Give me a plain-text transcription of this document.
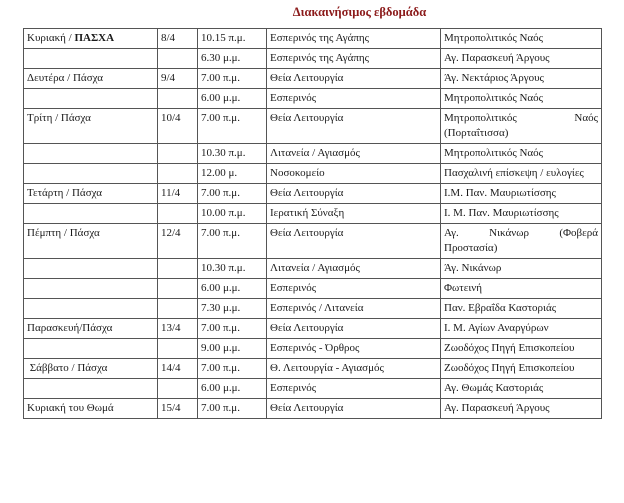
Διακαινήσιμος εβδομάδα
Κυριακή / ΠΑΣΧΑ	8/4	10.15 π.μ.	Εσπερινός της Αγάπης	Μητροπολιτικός Ναός
		6.30 μ.μ.	Εσπερινός της Αγάπης	Αγ. Παρασκευή Άργους
Δευτέρα / Πάσχα	9/4	7.00 π.μ.	Θεία Λειτουργία	Άγ. Νεκτάριος Άργους
		6.00 μ.μ.	Εσπερινός	Μητροπολιτικός Ναός
Τρίτη / Πάσχα	10/4	7.00 π.μ.	Θεία Λειτουργία	Μητροπολιτικός Ναός (Πορταΐτισσα)
		10.30 π.μ.	Λιτανεία / Αγιασμός	Μητροπολιτικός Ναός
		12.00 μ.	Νοσοκομείο	Πασχαλινή επίσκεψη / ευλογίες
Τετάρτη / Πάσχα	11/4	7.00 π.μ.	Θεία Λειτουργία	Ι.Μ. Παν. Μαυριωτίσσης
		10.00 π.μ.	Ιερατική Σύναξη	Ι. Μ. Παν. Μαυριωτίσσης
Πέμπτη / Πάσχα	12/4	7.00 π.μ.	Θεία Λειτουργία	Αγ. Νικάνωρ (Φοβερά Προστασία)
		10.30 π.μ.	Λιτανεία / Αγιασμός	Άγ. Νικάνωρ
		6.00 μ.μ.	Εσπερινός	Φωτεινή
		7.30 μ.μ.	Εσπερινός / Λιτανεία	Παν. Εβραΐδα Καστοριάς
Παρασκευή/Πάσχα	13/4	7.00 π.μ.	Θεία Λειτουργία	Ι. Μ. Αγίων Αναργύρων
		9.00 μ.μ.	Εσπερινός - Όρθρος	Ζωοδόχος Πηγή Επισκοπείου
Σάββατο / Πάσχα	14/4	7.00 π.μ.	Θ. Λειτουργία - Αγιασμός	Ζωοδόχος Πηγή Επισκοπείου
		6.00 μ.μ.	Εσπερινός	Αγ. Θωμάς Καστοριάς
Κυριακή του Θωμά	15/4	7.00 π.μ.	Θεία Λειτουργία	Αγ. Παρασκευή Άργους
